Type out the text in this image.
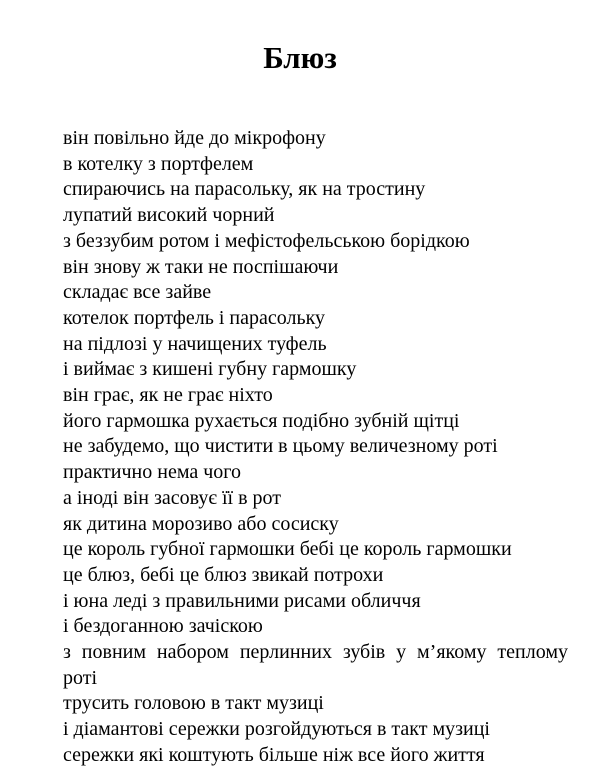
Блюз
він повільно йде до мікрофону
в котелку з портфелем
спираючись на парасольку, як на тростину
лупатий високий чорний
з беззубим ротом і мефістофельською борідкою
він знову ж таки не поспішаючи
складає все зайве
котелок портфель і парасольку
на підлозі у начищених туфель
і виймає з кишені губну гармошку
він грає, як не грає ніхто
його гармошка рухається подібно зубній щітці
не забудемо, що чистити в цьому величезному роті
практично нема чого
а іноді він засовує її в рот
як дитина морозиво або сосиску
це король губної гармошки бебі це король гармошки
це блюз, бебі це блюз звикай потрохи
і юна леді з правильними рисами обличчя
і бездоганною зачіскою
з повним набором перлинних зубів у м’якому теплому
роті
трусить головою в такт музиці
і діамантові сережки розгойдуються в такт музиці
сережки які коштують більше ніж все його життя
